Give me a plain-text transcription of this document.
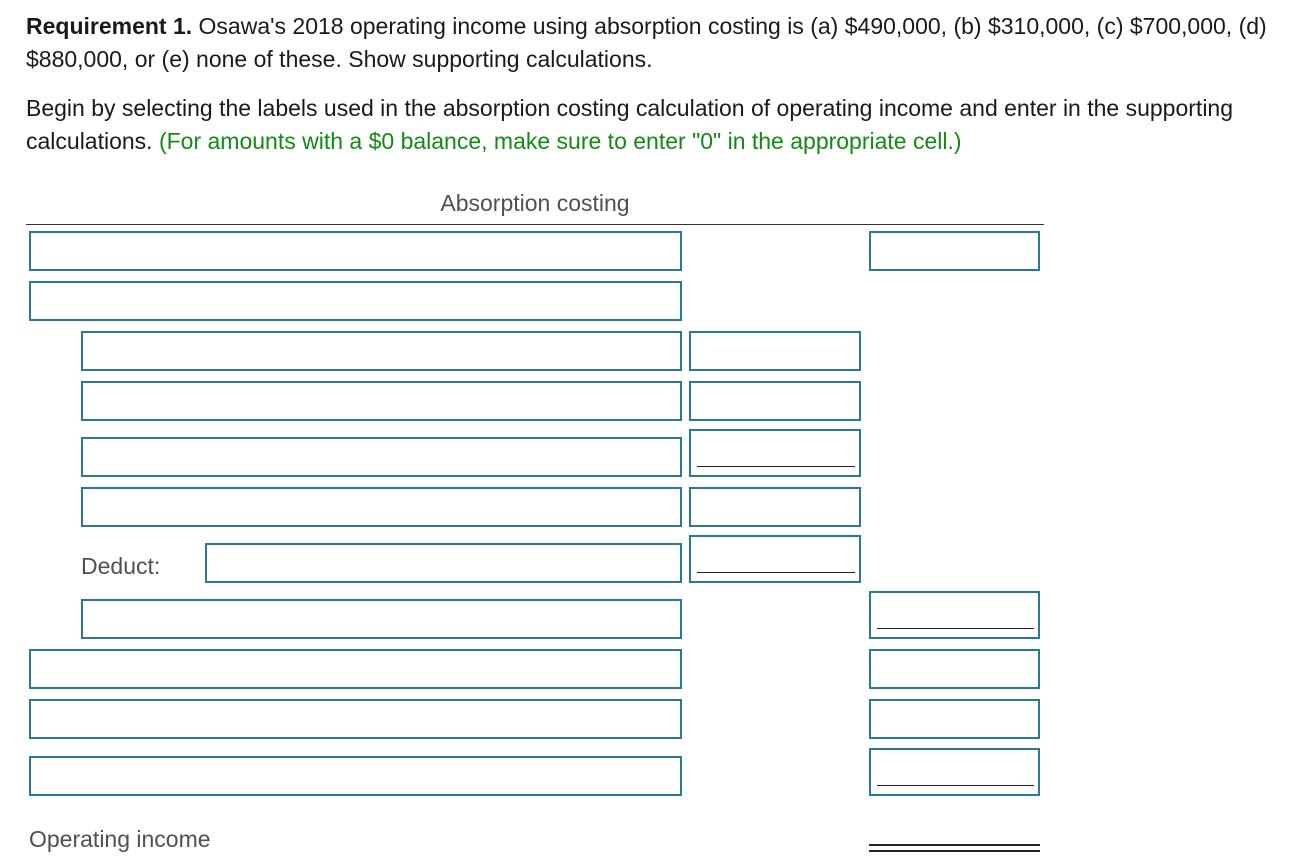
Requirement 1. Osawa's 2018 operating income using absorption costing is (a) $490,000, (b) $310,000, (c) $700,000, (d) $880,000, or (e) none of these. Show supporting calculations.

Begin by selecting the labels used in the absorption costing calculation of operating income and enter in the supporting calculations. (For amounts with a $0 balance, make sure to enter "0" in the appropriate cell.)

Absorption costing
Deduct:
Operating income
